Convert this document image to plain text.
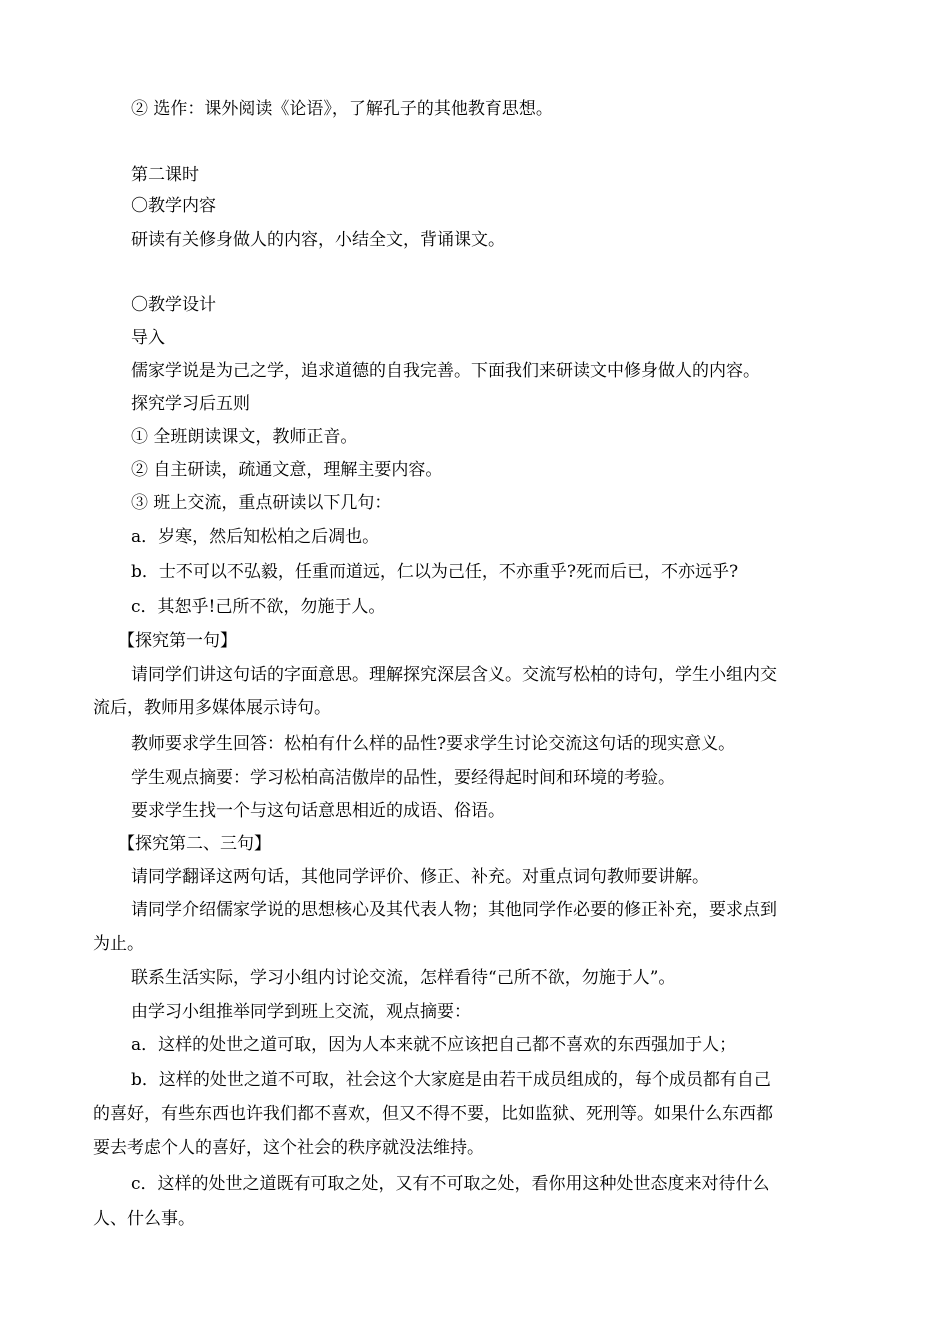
② 选作：课外阅读《论语》，了解孔子的其他教育思想。
第二课时
〇教学内容
研读有关修身做人的内容，小结全文，背诵课文。
〇教学设计
导入
儒家学说是为己之学，追求道德的自我完善。下面我们来研读文中修身做人的内容。
探究学习后五则
① 全班朗读课文，教师正音。
② 自主研读，疏通文意，理解主要内容。
③ 班上交流，重点研读以下几句：
a．岁寒，然后知松柏之后凋也。
b．士不可以不弘毅，任重而道远，仁以为己任，不亦重乎?死而后已，不亦远乎?
c．其恕乎!己所不欲，勿施于人。
【探究第一句】
请同学们讲这句话的字面意思。理解探究深层含义。交流写松柏的诗句，学生小组内交
流后，教师用多媒体展示诗句。
教师要求学生回答：松柏有什么样的品性?要求学生讨论交流这句话的现实意义。
学生观点摘要：学习松柏高洁傲岸的品性，要经得起时间和环境的考验。
要求学生找一个与这句话意思相近的成语、俗语。
【探究第二、三句】
请同学翻译这两句话，其他同学评价、修正、补充。对重点词句教师要讲解。
请同学介绍儒家学说的思想核心及其代表人物；其他同学作必要的修正补充，要求点到
为止。
联系生活实际，学习小组内讨论交流，怎样看待“己所不欲，勿施于人”。
由学习小组推举同学到班上交流，观点摘要：
a．这样的处世之道可取，因为人本来就不应该把自己都不喜欢的东西强加于人；
b．这样的处世之道不可取，社会这个大家庭是由若干成员组成的，每个成员都有自己
的喜好，有些东西也许我们都不喜欢，但又不得不要，比如监狱、死刑等。如果什么东西都
要去考虑个人的喜好，这个社会的秩序就没法维持。
c．这样的处世之道既有可取之处，又有不可取之处，看你用这种处世态度来对待什么
人、什么事。
